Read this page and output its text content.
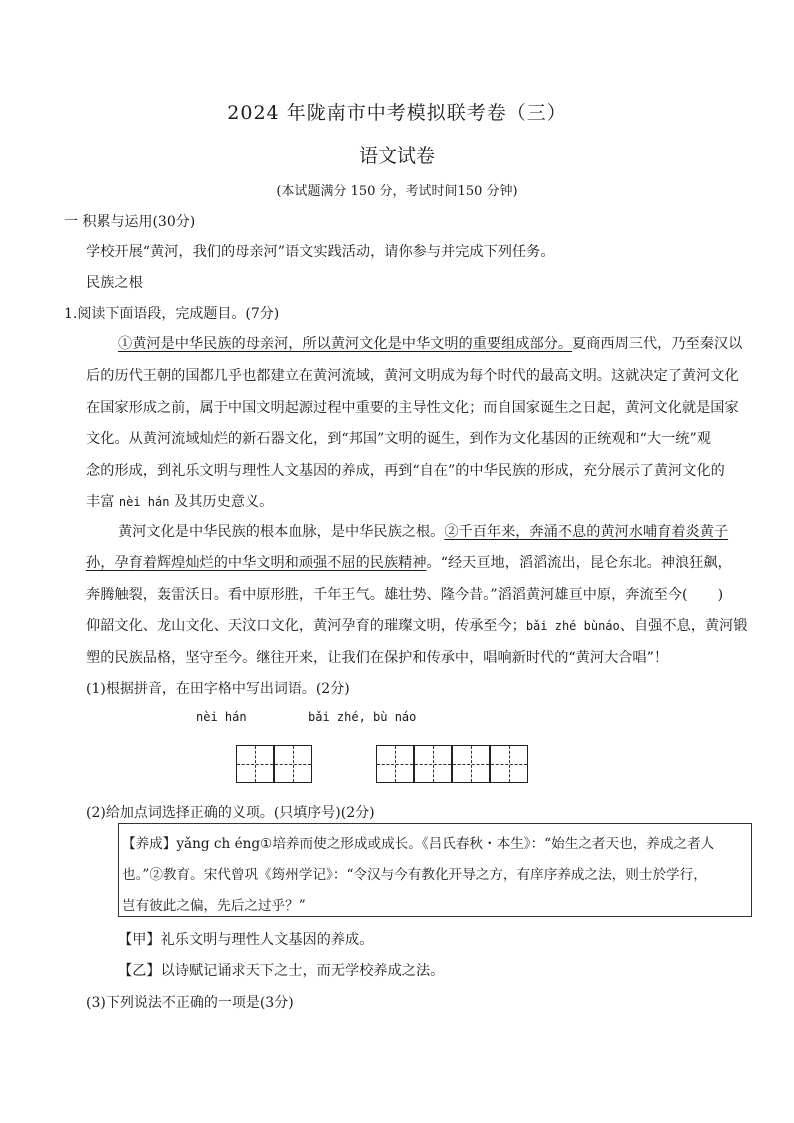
2024 年陇南市中考模拟联考卷（三）
语文试卷
(本试题满分 150 分，考试时间150 分钟)
一 积累与运用(30分)
学校开展“黄河，我们的母亲河”语文实践活动，请你参与并完成下列任务。
民族之根
1.阅读下面语段，完成题目。(7分)
①黄河是中华民族的母亲河，所以黄河文化是中华文明的重要组成部分。夏商西周三代，乃至秦汉以
后的历代王朝的国都几乎也都建立在黄河流域，黄河文明成为每个时代的最高文明。这就决定了黄河文化
在国家形成之前，属于中国文明起源过程中重要的主导性文化；而自国家诞生之日起，黄河文化就是国家
文化。从黄河流域灿烂的新石器文化，到“邦国”文明的诞生，到作为文化基因的正统观和“大一统”观
念的形成，到礼乐文明与理性人文基因的养成，再到“自在”的中华民族的形成，充分展示了黄河文化的
丰富 nèi hán 及其历史意义。
黄河文化是中华民族的根本血脉，是中华民族之根。②千百年来，奔涌不息的黄河水哺育着炎黄子
孙，孕育着辉煌灿烂的中华文明和顽强不屈的民族精神。“经天亘地，滔滔流出，昆仑东北。神浪狂飙，
奔腾触裂，轰雷沃日。看中原形胜，千年王气。雄壮势、隆今昔。”滔滔黄河雄亘中原，奔流至今( )
仰韶文化、龙山文化、天汶口文化，黄河孕育的璀璨文明，传承至今；bǎi zhé bùnáo、自强不息，黄河锻
塑的民族品格，坚守至今。继往开来，让我们在保护和传承中，唱响新时代的“黄河大合唱”！
(1)根据拼音，在田字格中写出词语。(2分)
nèi hán	bǎi zhé, bù náo
(2)给加点词选择正确的义项。(只填序号)(2分)
【养成】yǎng ch éng①培养而使之形成或成长。《吕氏春秋・本生》：“始生之者天也，养成之者人
也。”②教育。宋代曾巩《筠州学记》：“令汉与今有教化开导之方，有庠序养成之法，则士於学行，
岂有彼此之偏，先后之过乎？”
【甲】礼乐文明与理性人文基因的养成。
【乙】以诗赋记诵求天下之士，而无学校养成之法。
(3)下列说法不正确的一项是(3分)
